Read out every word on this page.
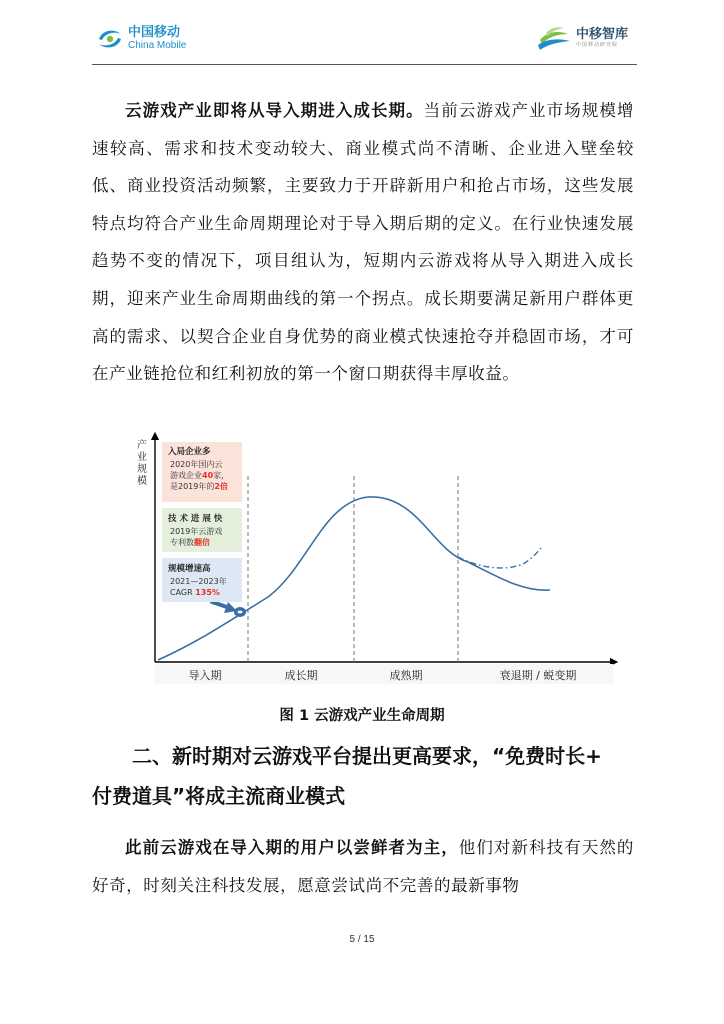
中国移动
China Mobile
中移智库
中国移动研究院
云游戏产业即将从导入期进入成长期。当前云游戏产业市场规模增速较高、需求和技术变动较大、商业模式尚不清晰、企业进入壁垒较低、商业投资活动频繁，主要致力于开辟新用户和抢占市场，这些发展特点均符合产业生命周期理论对于导入期后期的定义。在行业快速发展趋势不变的情况下，项目组认为，短期内云游戏将从导入期进入成长期，迎来产业生命周期曲线的第一个拐点。成长期要满足新用户群体更高的需求、以契合企业自身优势的商业模式快速抢夺并稳固市场，才可在产业链抢位和红利初放的第一个窗口期获得丰厚收益。
产
业
规
模
导入期	成长期	成熟期	衰退期 / 蜕变期
入局企业多
2020年国内云
游戏企业40家，
是2019年的2倍
技 术 进 展 快
2019年云游戏
专利数翻倍
规模增速高
2021—2023年
CAGR 135%
图 1 云游戏产业生命周期
二、新时期对云游戏平台提出更高要求，“免费时长+
付费道具”将成主流商业模式
此前云游戏在导入期的用户以尝鲜者为主，他们对新科技有天然的好奇，时刻关注科技发展，愿意尝试尚不完善的最新事物
5 / 15
